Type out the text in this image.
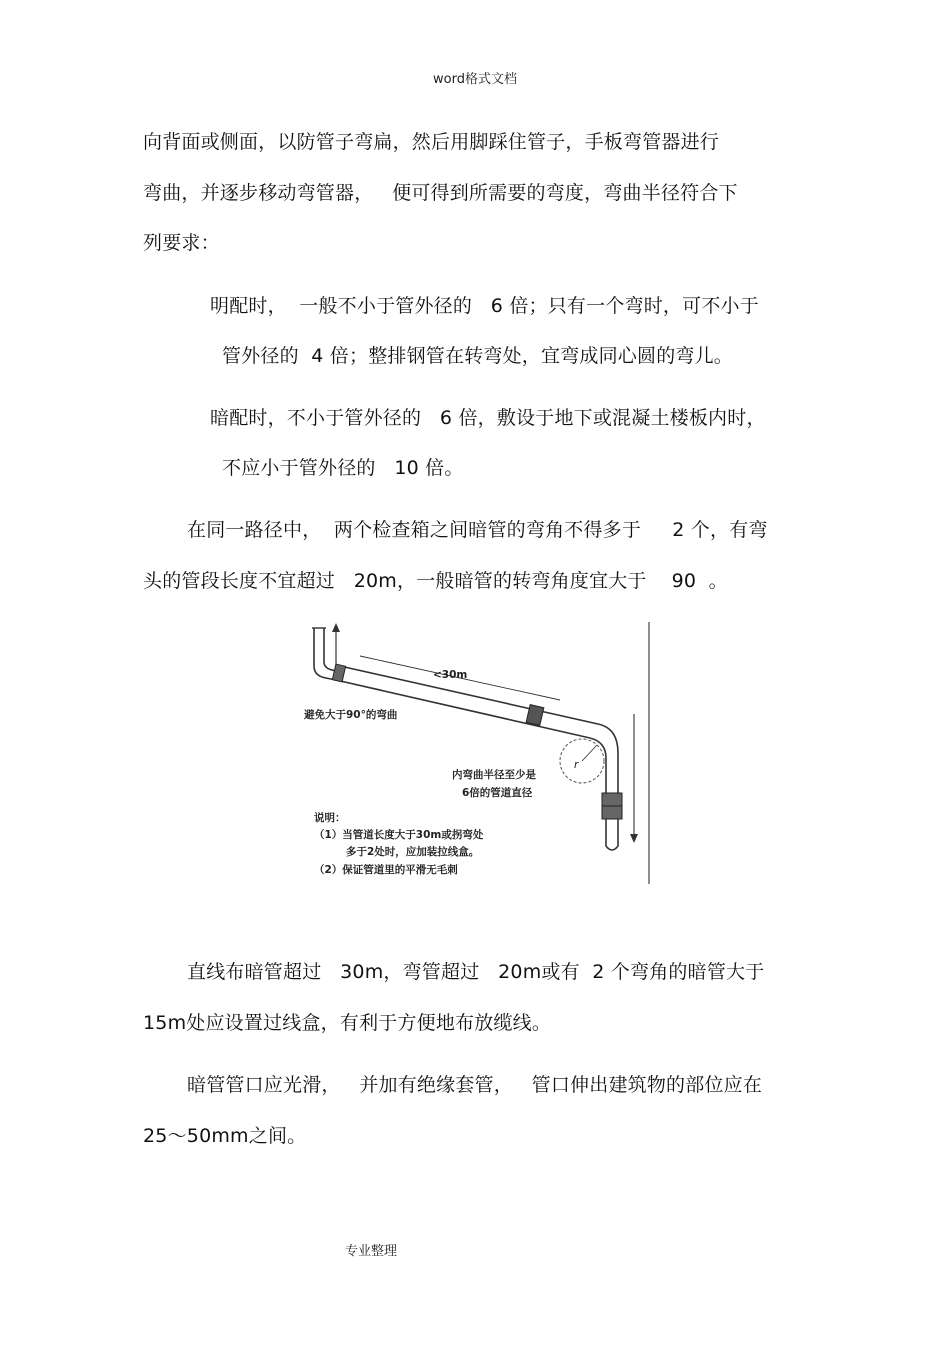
word格式文档
向背面或侧面，以防管子弯扁，然后用脚踩住管子，手板弯管器进行
弯曲，并逐步移动弯管器，   便可得到所需要的弯度，弯曲半径符合下
列要求：
明配时，  一般不小于管外径的   6 倍；只有一个弯时，可不小于
管外径的  4 倍；整排钢管在转弯处，宜弯成同心圆的弯儿。
暗配时，不小于管外径的   6 倍，敷设于地下或混凝土楼板内时，
不应小于管外径的   10 倍。
在同一路径中，  两个检查箱之间暗管的弯角不得多于     2 个，有弯
头的管段长度不宜超过   20m，一般暗管的转弯角度宜大于    90  。
<30m
r
避免大于90°的弯曲
内弯曲半径至少是
6倍的管道直径
说明：
（1）当管道长度大于30m或拐弯处
多于2处时，应加装拉线盒。
（2）保证管道里的平滑无毛刺
直线布暗管超过   30m，弯管超过   20m或有  2 个弯角的暗管大于
15m处应设置过线盒，有利于方便地布放缆线。
暗管管口应光滑，   并加有绝缘套管，   管口伸出建筑物的部位应在
25～50mm之间。
专业整理
